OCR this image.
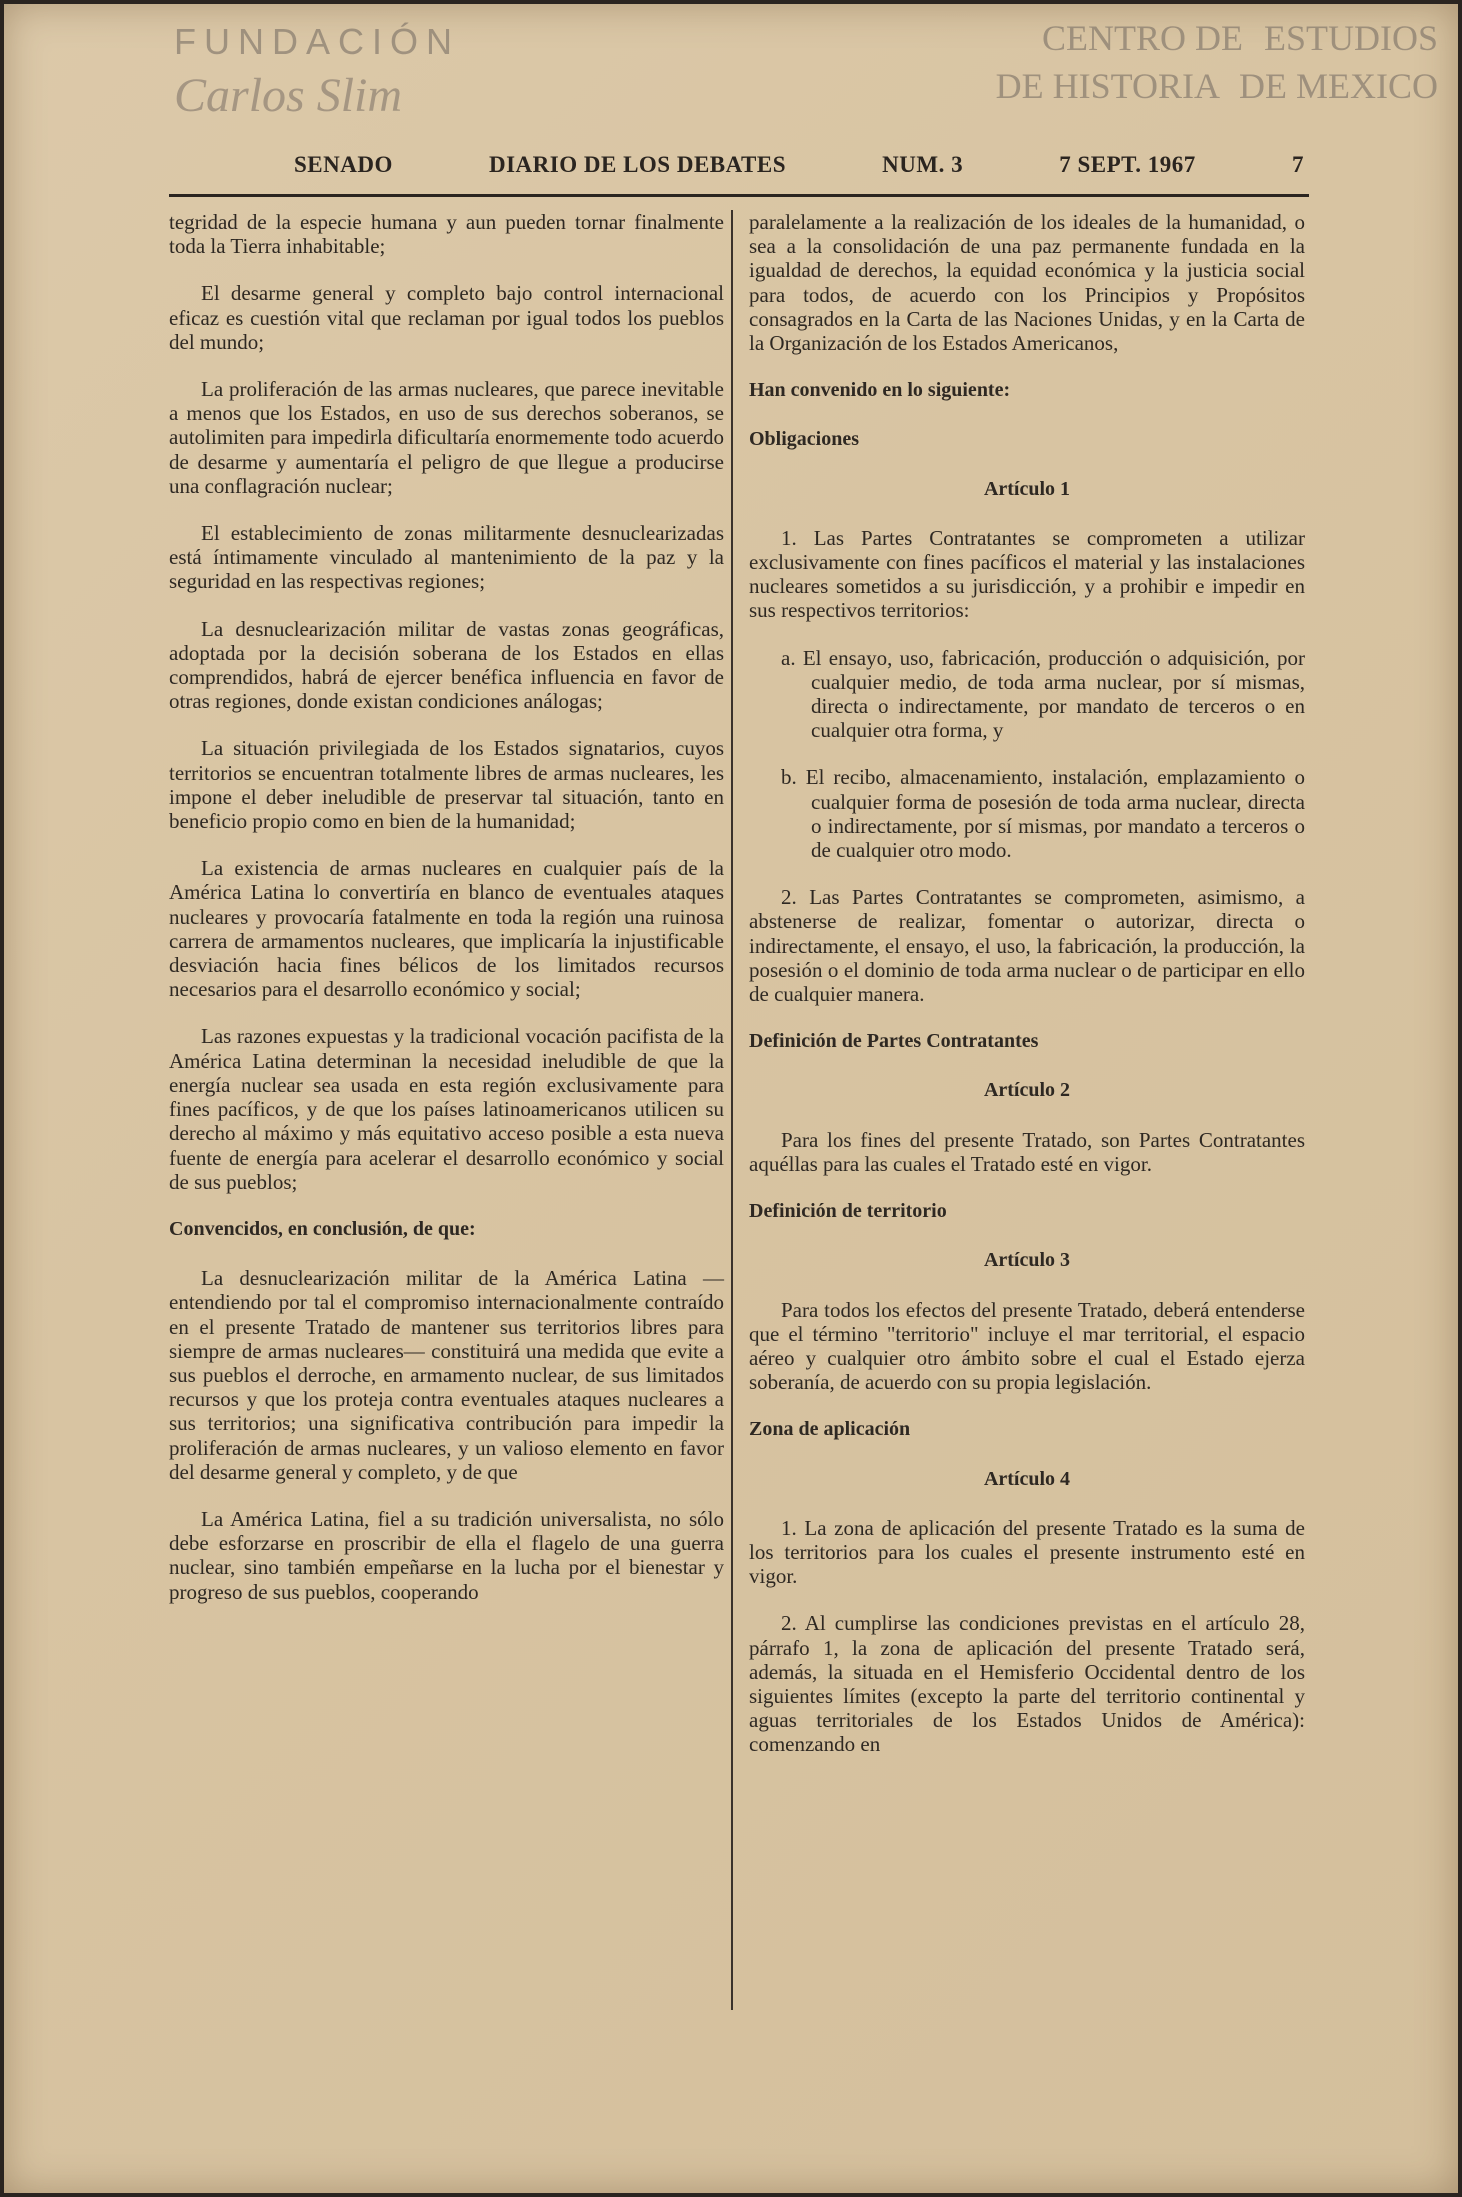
CENTRO DE ESTUDIOS
DE HISTORIA DE MEXICO
FUNDACIÓN
Carlos Slim
SENADO	DIARIO DE LOS DEBATES	NUM. 3	7 SEPT. 1967	7

tegridad de la especie humana y aun pueden tornar finalmente toda la Tierra inhabitable;

El desarme general y completo bajo control internacional eficaz es cuestión vital que reclaman por igual todos los pueblos del mundo;

La proliferación de las armas nucleares, que parece inevitable a menos que los Estados, en uso de sus derechos soberanos, se autolimiten para impedirla dificultaría enormemente todo acuerdo de desarme y aumentaría el peligro de que llegue a producirse una conflagración nuclear;

El establecimiento de zonas militarmente desnuclearizadas está íntimamente vinculado al mantenimiento de la paz y la seguridad en las respectivas regiones;

La desnuclearización militar de vastas zonas geográficas, adoptada por la decisión soberana de los Estados en ellas comprendidos, habrá de ejercer benéfica influencia en favor de otras regiones, donde existan condiciones análogas;

La situación privilegiada de los Estados signatarios, cuyos territorios se encuentran totalmente libres de armas nucleares, les impone el deber ineludible de preservar tal situación, tanto en beneficio propio como en bien de la humanidad;

La existencia de armas nucleares en cualquier país de la América Latina lo convertiría en blanco de eventuales ataques nucleares y provocaría fatalmente en toda la región una ruinosa carrera de armamentos nucleares, que implicaría la injustificable desviación hacia fines bélicos de los limitados recursos necesarios para el desarrollo económico y social;

Las razones expuestas y la tradicional vocación pacifista de la América Latina determinan la necesidad ineludible de que la energía nuclear sea usada en esta región exclusivamente para fines pacíficos, y de que los países latinoamericanos utilicen su derecho al máximo y más equitativo acceso posible a esta nueva fuente de energía para acelerar el desarrollo económico y social de sus pueblos;

Convencidos, en conclusión, de que:

La desnuclearización militar de la América Latina —entendiendo por tal el compromiso internacionalmente contraído en el presente Tratado de mantener sus territorios libres para siempre de armas nucleares— constituirá una medida que evite a sus pueblos el derroche, en armamento nuclear, de sus limitados recursos y que los proteja contra eventuales ataques nucleares a sus territorios; una significativa contribución para impedir la proliferación de armas nucleares, y un valioso elemento en favor del desarme general y completo, y de que

La América Latina, fiel a su tradición universalista, no sólo debe esforzarse en proscribir de ella el flagelo de una guerra nuclear, sino también empeñarse en la lucha por el bienestar y progreso de sus pueblos, cooperando

paralelamente a la realización de los ideales de la humanidad, o sea a la consolidación de una paz permanente fundada en la igualdad de derechos, la equidad económica y la justicia social para todos, de acuerdo con los Principios y Propósitos consagrados en la Carta de las Naciones Unidas, y en la Carta de la Organización de los Estados Americanos,

Han convenido en lo siguiente:
Obligaciones
Artículo 1

1. Las Partes Contratantes se comprometen a utilizar exclusivamente con fines pacíficos el material y las instalaciones nucleares sometidos a su jurisdicción, y a prohibir e impedir en sus respectivos territorios:

a. El ensayo, uso, fabricación, producción o adquisición, por cualquier medio, de toda arma nuclear, por sí mismas, directa o indirectamente, por mandato de terceros o en cualquier otra forma, y

b. El recibo, almacenamiento, instalación, emplazamiento o cualquier forma de posesión de toda arma nuclear, directa o indirectamente, por sí mismas, por mandato a terceros o de cualquier otro modo.

2. Las Partes Contratantes se comprometen, asimismo, a abstenerse de realizar, fomentar o autorizar, directa o indirectamente, el ensayo, el uso, la fabricación, la producción, la posesión o el dominio de toda arma nuclear o de participar en ello de cualquier manera.

Definición de Partes Contratantes
Artículo 2

Para los fines del presente Tratado, son Partes Contratantes aquéllas para las cuales el Tratado esté en vigor.

Definición de territorio
Artículo 3

Para todos los efectos del presente Tratado, deberá entenderse que el término "territorio" incluye el mar territorial, el espacio aéreo y cualquier otro ámbito sobre el cual el Estado ejerza soberanía, de acuerdo con su propia legislación.

Zona de aplicación
Artículo 4

1. La zona de aplicación del presente Tratado es la suma de los territorios para los cuales el presente instrumento esté en vigor.

2. Al cumplirse las condiciones previstas en el artículo 28, párrafo 1, la zona de aplicación del presente Tratado será, además, la situada en el Hemisferio Occidental dentro de los siguientes límites (excepto la parte del territorio continental y aguas territoriales de los Estados Unidos de América): comenzando en
